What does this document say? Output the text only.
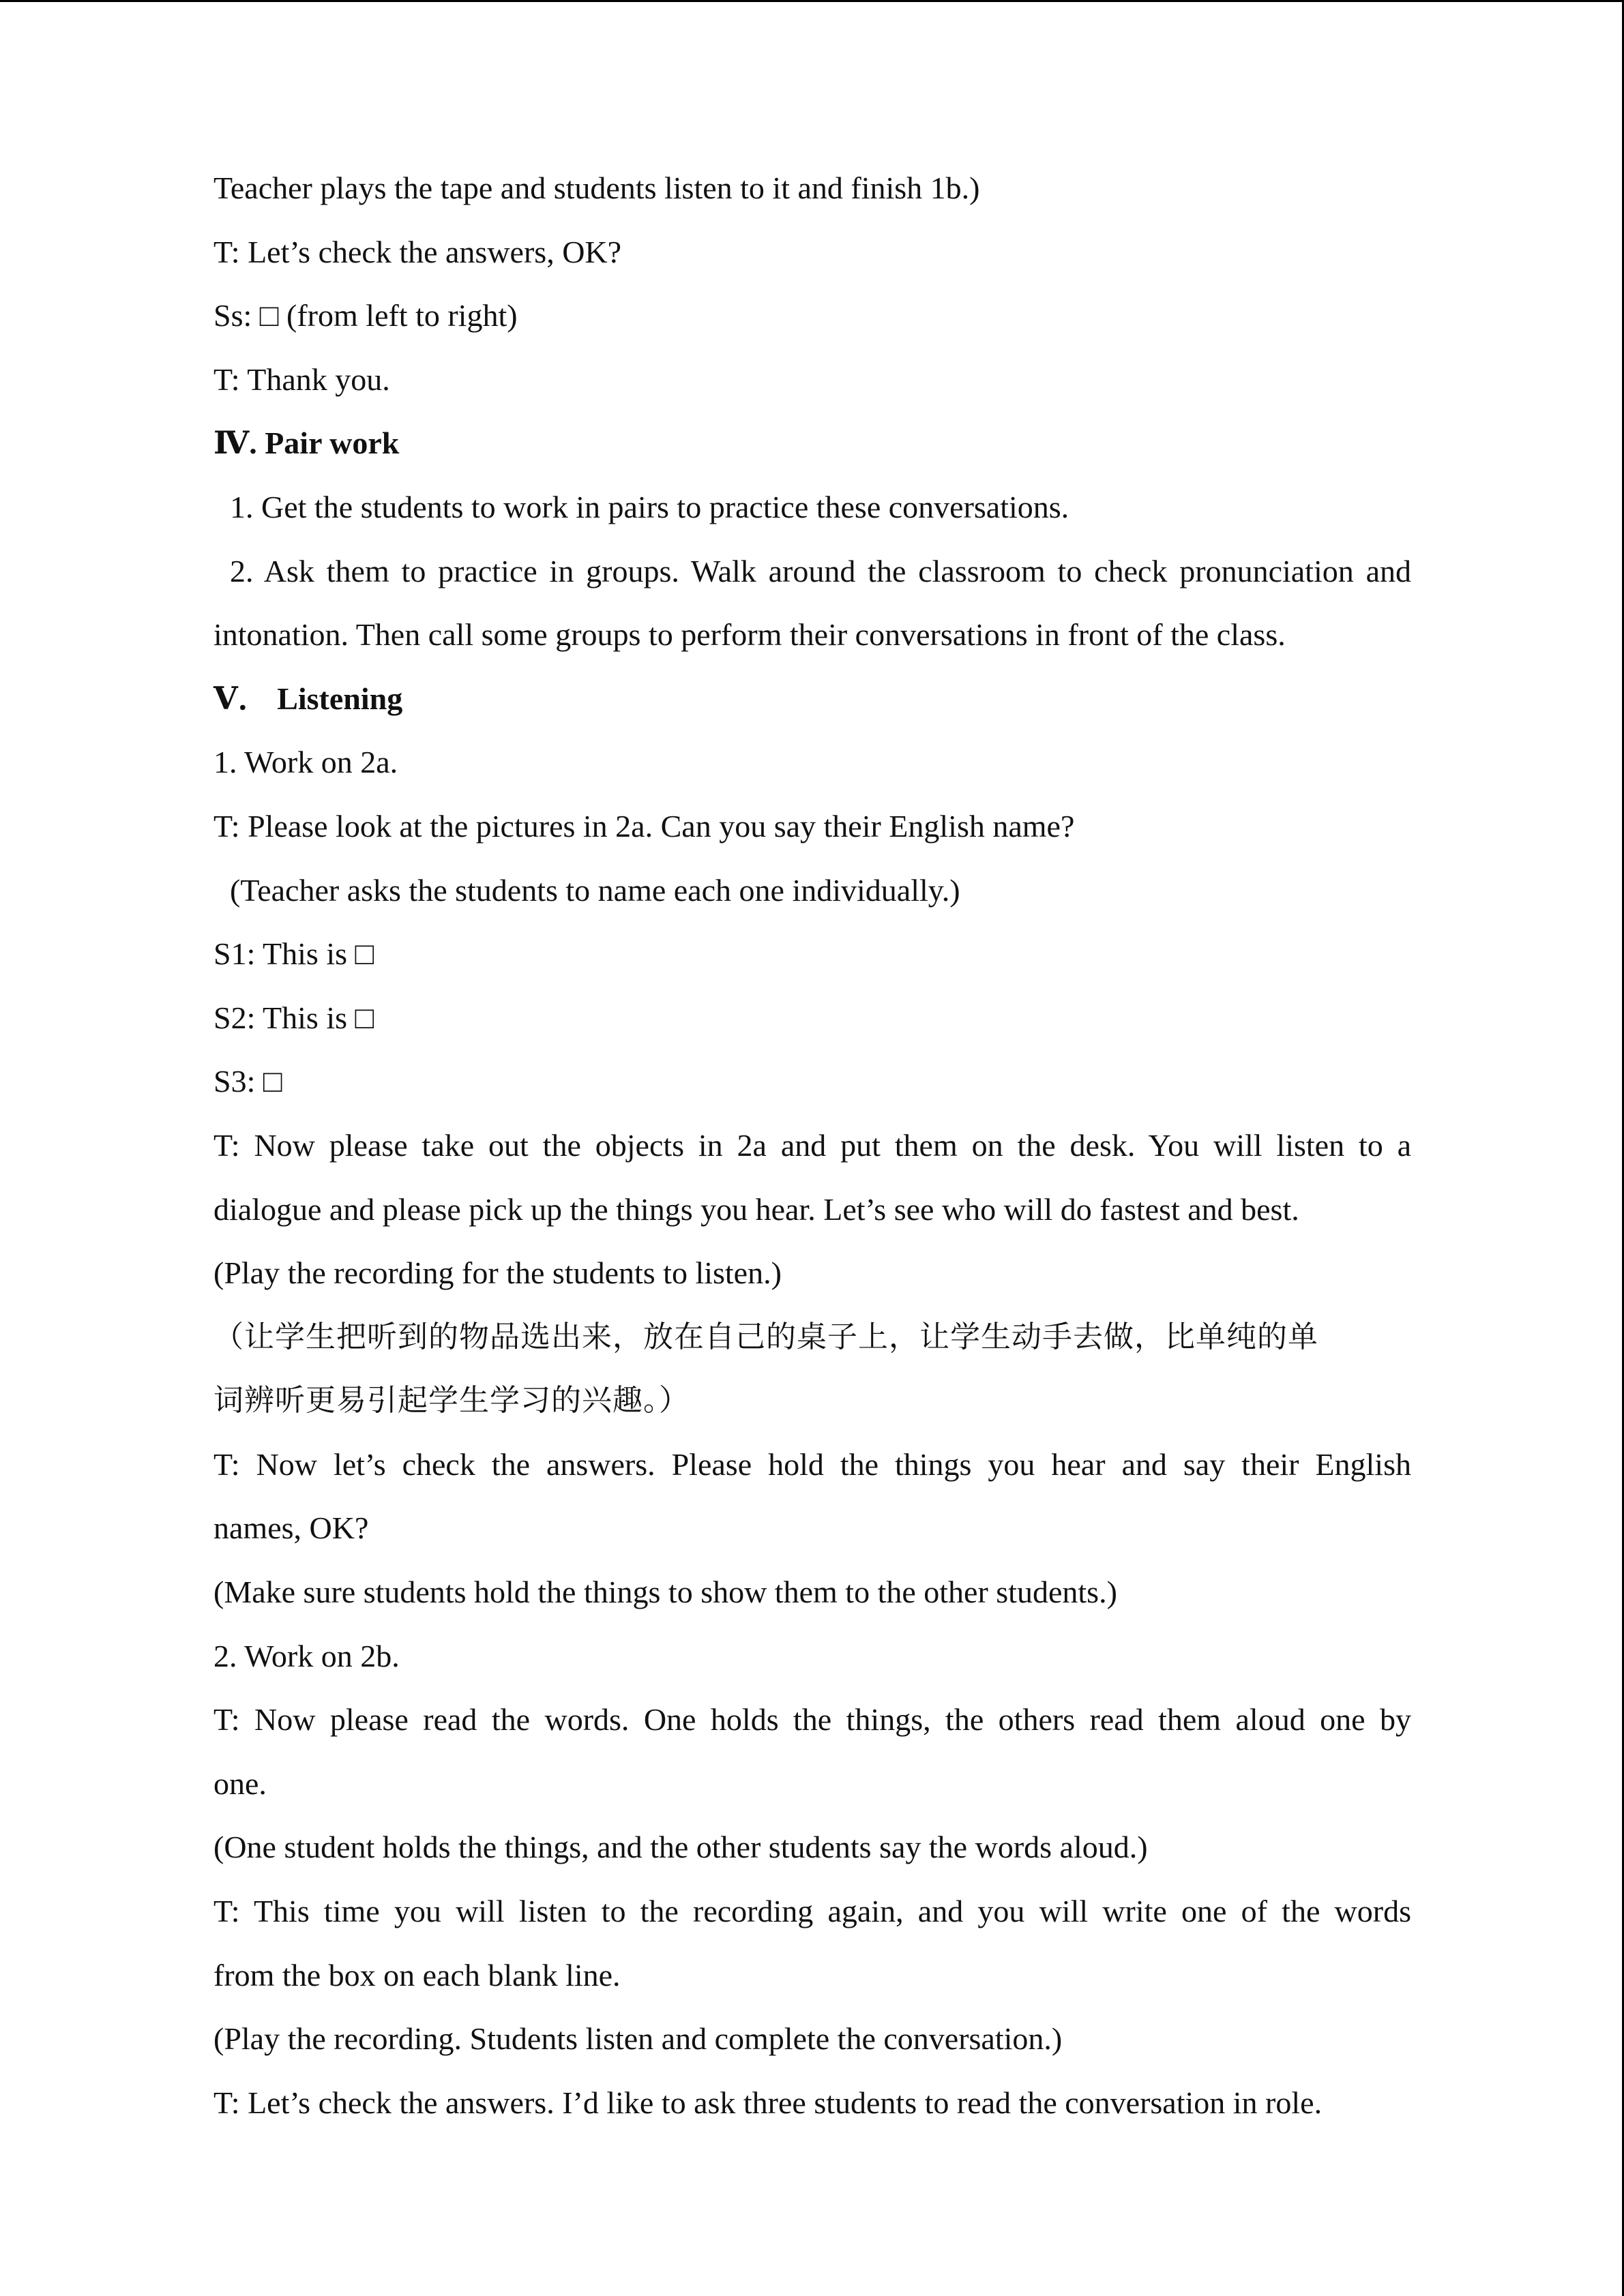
Teacher plays the tape and students listen to it and finish 1b.)
T: Let’s check the answers, OK?
Ss: □ (from left to right)
T: Thank you.
Ⅳ. Pair work
1. Get the students to work in pairs to practice these conversations.
2. Ask them to practice in groups. Walk around the classroom to check pronunciation and
intonation. Then call some groups to perform their conversations in front of the class.
Ⅴ． Listening
1. Work on 2a.
T: Please look at the pictures in 2a. Can you say their English name?
(Teacher asks the students to name each one individually.)
S1: This is □
S2: This is □
S3: □
T: Now please take out the objects in 2a and put them on the desk. You will listen to a
dialogue and please pick up the things you hear. Let’s see who will do fastest and best.
(Play the recording for the students to listen.)
（让学生把听到的物品选出来，放在自己的桌子上，让学生动手去做，比单纯的单
词辨听更易引起学生学习的兴趣。）
T: Now let’s check the answers. Please hold the things you hear and say their English
names, OK?
(Make sure students hold the things to show them to the other students.)
2. Work on 2b.
T: Now please read the words. One holds the things, the others read them aloud one by
one.
(One student holds the things, and the other students say the words aloud.)
T: This time you will listen to the recording again, and you will write one of the words
from the box on each blank line.
(Play the recording. Students listen and complete the conversation.)
T: Let’s check the answers. I’d like to ask three students to read the conversation in role.
